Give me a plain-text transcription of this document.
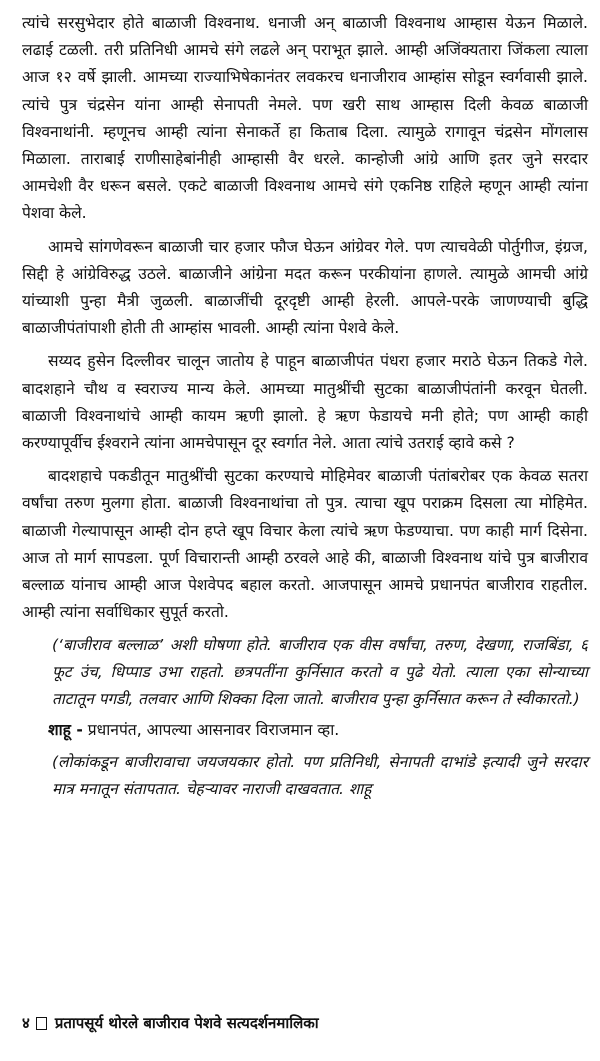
त्यांचे सरसुभेदार होते बाळाजी विश्वनाथ. धनाजी अन् बाळाजी विश्वनाथ आम्हास येऊन मिळाले. लढाई टळली. तरी प्रतिनिधी आमचे संगे लढले अन् पराभूत झाले. आम्ही अजिंक्यतारा जिंकला त्याला आज १२ वर्षे झाली. आमच्या राज्याभिषेकानंतर लवकरच धनाजीराव आम्हांस सोडून स्वर्गवासी झाले. त्यांचे पुत्र चंद्रसेन यांना आम्ही सेनापती नेमले. पण खरी साथ आम्हास दिली केवळ बाळाजी विश्वनाथांनी. म्हणूनच आम्ही त्यांना सेनाकर्ते हा किताब दिला. त्यामुळे रागावून चंद्रसेन मोंगलास मिळाला. ताराबाई राणीसाहेबांनीही आम्हासी वैर धरले. कान्होजी आंग्रे आणि इतर जुने सरदार आमचेशी वैर धरून बसले. एकटे बाळाजी विश्वनाथ आमचे संगे एकनिष्ठ राहिले म्हणून आम्ही त्यांना पेशवा केले.

आमचे सांगणेवरून बाळाजी चार हजार फौज घेऊन आंग्रेवर गेले. पण त्याचवेळी पोर्तुगीज, इंग्रज, सिद्दी हे आंग्रेविरुद्ध उठले. बाळाजीने आंग्रेना मदत करून परकीयांना हाणले. त्यामुळे आमची आंग्रे यांच्याशी पुन्हा मैत्री जुळली. बाळाजींची दूरदृष्टी आम्ही हेरली. आपले-परके जाणण्याची बुद्धि बाळाजीपंतांपाशी होती ती आम्हांस भावली. आम्ही त्यांना पेशवे केले.

सय्यद हुसेन दिल्लीवर चालून जातोय हे पाहून बाळाजीपंत पंधरा हजार मराठे घेऊन तिकडे गेले. बादशहाने चौथ व स्वराज्य मान्य केले. आमच्या मातुश्रींची सुटका बाळाजीपंतांनी करवून घेतली. बाळाजी विश्वनाथांचे आम्ही कायम ऋणी झालो. हे ऋण फेडायचे मनी होते; पण आम्ही काही करण्यापूर्वीच ईश्वराने त्यांना आमचेपासून दूर स्वर्गात नेले. आता त्यांचे उतराई व्हावे कसे ?

बादशहाचे पकडीतून मातुश्रींची सुटका करण्याचे मोहिमेवर बाळाजी पंतांबरोबर एक केवळ सतरा वर्षांचा तरुण मुलगा होता. बाळाजी विश्वनाथांचा तो पुत्र. त्याचा खूप पराक्रम दिसला त्या मोहिमेत. बाळाजी गेल्यापासून आम्ही दोन हप्ते खूप विचार केला त्यांचे ऋण फेडण्याचा. पण काही मार्ग दिसेना. आज तो मार्ग सापडला. पूर्ण विचारान्ती आम्ही ठरवले आहे की, बाळाजी विश्वनाथ यांचे पुत्र बाजीराव बल्लाळ यांनाच आम्ही आज पेशवेपद बहाल करतो. आजपासून आमचे प्रधानपंत बाजीराव राहतील. आम्ही त्यांना सर्वाधिकार सुपूर्त करतो.

(‘बाजीराव बल्लाळ’ अशी घोषणा होते. बाजीराव एक वीस वर्षांचा, तरुण, देखणा, राजबिंडा, ६ फूट उंच, धिप्पाड उभा राहतो. छत्रपतींना कुर्निसात करतो व पुढे येतो. त्याला एका सोन्याच्या ताटातून पगडी, तलवार आणि शिक्का दिला जातो. बाजीराव पुन्हा कुर्निसात करून ते स्वीकारतो.)

शाहू - प्रधानपंत, आपल्या आसनावर विराजमान व्हा.

(लोकांकडून बाजीरावाचा जयजयकार होतो. पण प्रतिनिधी, सेनापती दाभांडे इत्यादी जुने सरदार मात्र मनातून संतापतात. चेहऱ्यावर नाराजी दाखवतात. शाहू

४ प्रतापसूर्य थोरले बाजीराव पेशवे सत्यदर्शनमालिका
